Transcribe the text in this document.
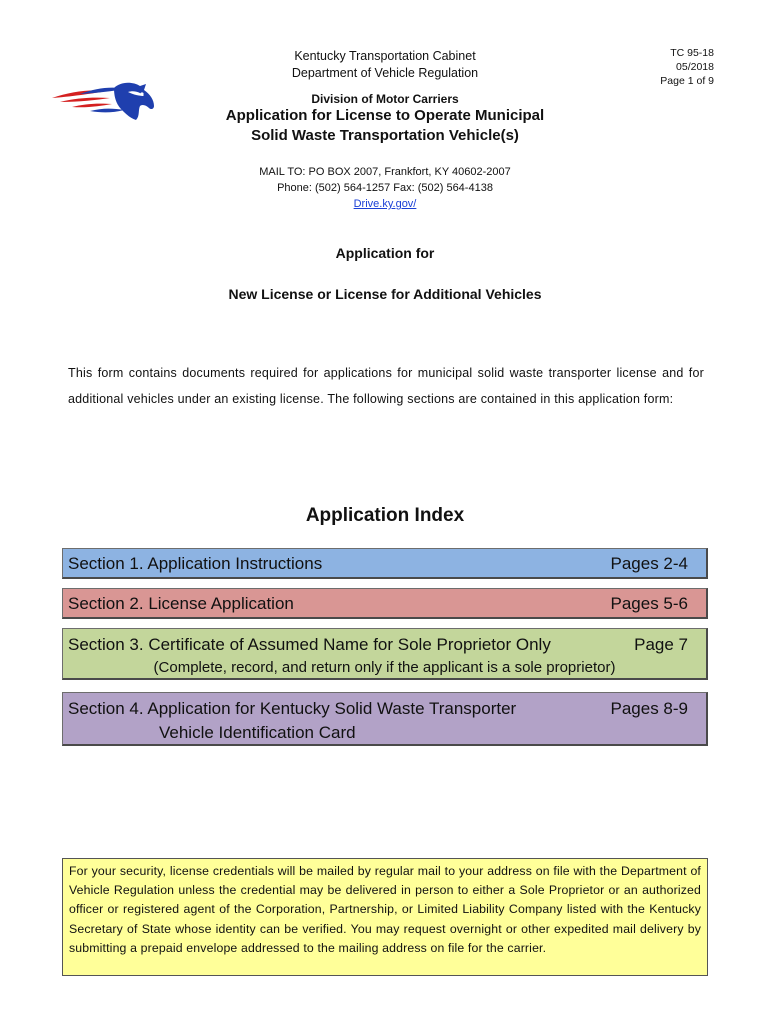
Kentucky Transportation Cabinet
Department of Vehicle Regulation
TC 95-18
05/2018
Page 1 of 9
Division of Motor Carriers
Application for License to Operate Municipal
Solid Waste Transportation Vehicle(s)
MAIL TO: PO BOX 2007, Frankfort, KY 40602-2007
Phone: (502) 564-1257 Fax: (502) 564-4138
Drive.ky.gov/
Application for
New License or License for Additional Vehicles
This form contains documents required for applications for municipal solid waste transporter license and for additional vehicles under an existing license. The following sections are contained in this application form:
Application Index
Section 1. Application Instructions	Pages 2-4
Section 2. License Application	Pages 5-6
Section 3. Certificate of Assumed Name for Sole Proprietor Only	Page 7
(Complete, record, and return only if the applicant is a sole proprietor)
Section 4. Application for Kentucky Solid Waste Transporter	Pages 8-9
Vehicle Identification Card
For your security, license credentials will be mailed by regular mail to your address on file with the Department of Vehicle Regulation unless the credential may be delivered in person to either a Sole Proprietor or an authorized officer or registered agent of the Corporation, Partnership, or Limited Liability Company listed with the Kentucky Secretary of State whose identity can be verified. You may request overnight or other expedited mail delivery by submitting a prepaid envelope addressed to the mailing address on file for the carrier.
